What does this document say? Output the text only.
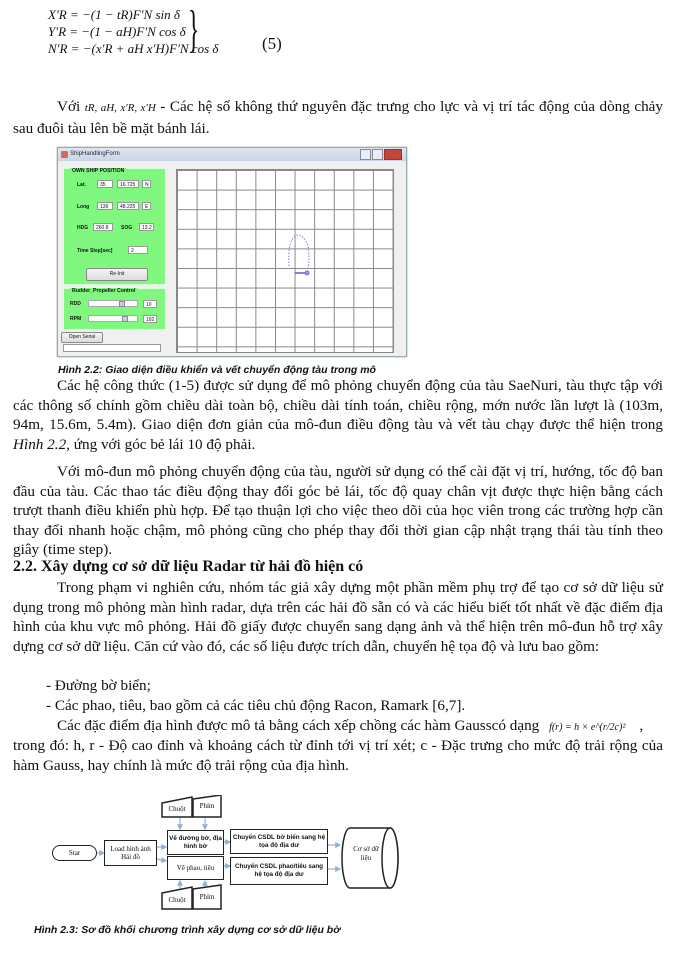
X′R = −(1 − tR)F′N sin δ
Y′R = −(1 − aH)F′N cos δ
N′R = −(x′R + aH x′H)F′N cos δ
}	(5)
Với tR, aH, x′R, x′H - Các hệ số không thứ nguyên đặc trưng cho lực và vị trí tác động của dòng chảy sau đuôi tàu lên bề mặt bánh lái.
ShipHandlingForm
OWN SHIP POSITION
Lat.	35	16.725	N
Long	139	48.225	E
HDG	260.8	SOG	13.2
Time Step[sec]	2
Re-Init
Rudder_Propeller Control
RDD	10
RPM	192
Open Serial
Hình 2.2: Giao diện điều khiển và vết chuyển động tàu trong mô
Các hệ công thức (1-5) được sử dụng để mô phỏng chuyển động của tàu SaeNuri, tàu thực tập với các thông số chính gồm chiều dài toàn bộ, chiều dài tính toán, chiều rộng, mớn nước lần lượt là (103m, 94m, 15.6m, 5.4m). Giao diện đơn giản của mô-đun điều động tàu và vết tàu chạy được thể hiện trong Hình 2.2, ứng với góc bẻ lái 10 độ phải.
Với mô-đun mô phỏng chuyển động của tàu, người sử dụng có thể cài đặt vị trí, hướng, tốc độ ban đầu của tàu. Các thao tác điều động thay đổi góc bẻ lái, tốc độ quay chân vịt được thực hiện bằng cách trượt thanh điều khiển phù hợp. Để tạo thuận lợi cho việc theo dõi của học viên trong các trường hợp cần thay đổi nhanh hoặc chậm, mô phỏng cũng cho phép thay đổi thời gian cập nhật trạng thái tàu tính theo giây (time step).
2.2. Xây dựng cơ sở dữ liệu Radar từ hải đồ hiện có
Trong phạm vi nghiên cứu, nhóm tác giả xây dựng một phần mềm phụ trợ để tạo cơ sở dữ liệu sử dụng trong mô phỏng màn hình radar, dựa trên các hải đồ sẵn có và các hiểu biết tốt nhất về đặc điểm địa hình của khu vực mô phỏng. Hải đồ giấy được chuyển sang dạng ảnh và thể hiện trên mô-đun hỗ trợ xây dựng cơ sở dữ liệu. Căn cứ vào đó, các số liệu được trích dẫn, chuyển hệ tọa độ và lưu bao gồm:
- Đường bờ biển;
- Các phao, tiêu, bao gồm cả các tiêu chủ động Racon, Ramark [6,7].
Các đặc điểm địa hình được mô tả bằng cách xếp chồng các hàm Gaussсó dạng f(r) = h × e^(r/2c)² ,
trong đó: h, r - Độ cao đỉnh và khoảng cách từ đỉnh tới vị trí xét; c - Đặc trưng cho mức độ trải rộng của hàm Gauss, hay chính là mức độ trải rộng của địa hình.
Chuột	Phím
Chuột	Phím
Star	Load hình ảnh Hải đồ
Vẽ đường bờ, địa hình bờ
Vẽ phao, tiêu
Chuyển CSDL bờ biển sang hệ tọa độ địa dư
Chuyển CSDL phao/tiêu sang hệ tọa độ địa dư
Cơ sở dữ liệu
Hình 2.3: Sơ đồ khối chương trình xây dựng cơ sở dữ liệu bờ
